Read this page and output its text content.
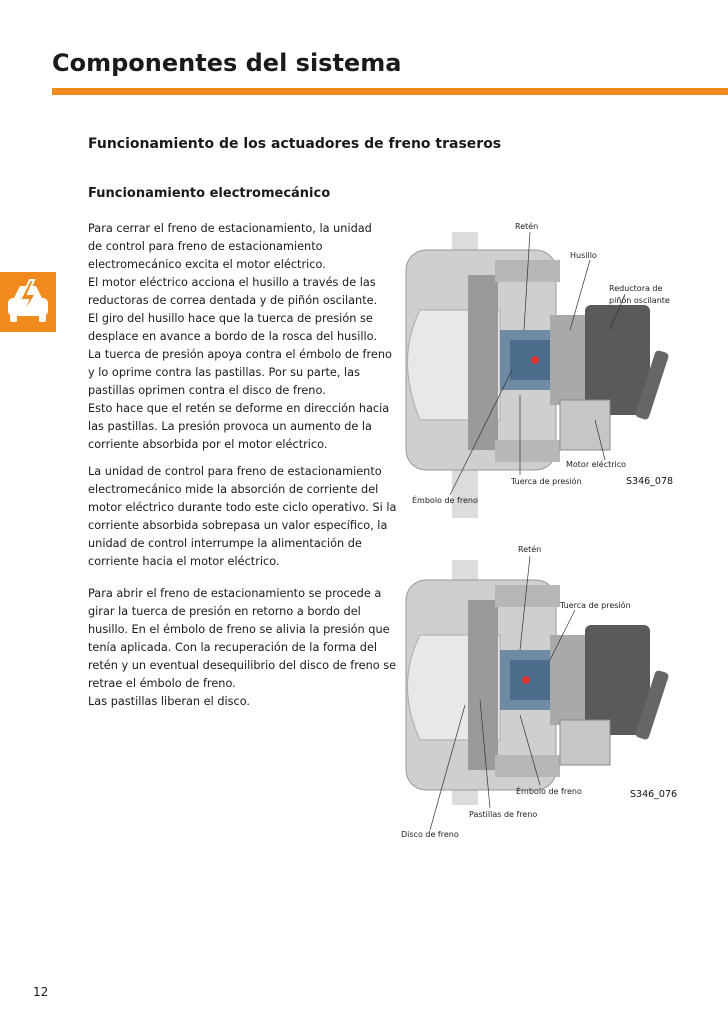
Componentes del sistema
Funcionamiento de los actuadores de freno traseros
Funcionamiento electromecánico
Para cerrar el freno de estacionamiento, la unidad
de control para freno de estacionamiento
electromecánico excita el motor eléctrico.
El motor eléctrico acciona el husillo a través de las
reductoras de correa dentada y de piñón oscilante.
El giro del husillo hace que la tuerca de presión se
desplace en avance a bordo de la rosca del husillo.
La tuerca de presión apoya contra el émbolo de freno
y lo oprime contra las pastillas. Por su parte, las
pastillas oprimen contra el disco de freno.
Esto hace que el retén se deforme en dirección hacia
las pastillas. La presión provoca un aumento de la
corriente absorbida por el motor eléctrico.
La unidad de control para freno de estacionamiento
electromecánico mide la absorción de corriente del
motor eléctrico durante todo este ciclo operativo. Si la
corriente absorbida sobrepasa un valor específico, la
unidad de control interrumpe la alimentación de
corriente hacia el motor eléctrico.
Para abrir el freno de estacionamiento se procede a
girar la tuerca de presión en retorno a bordo del
husillo. En el émbolo de freno se alivia la presión que
tenía aplicada. Con la recuperación de la forma del
retén y un eventual desequilibrio del disco de freno se
retrae el émbolo de freno.
Las pastillas liberan el disco.
Retén
Husillo
Reductora de
piñón oscilante
Motor eléctrico
Tuerca de presión
Émbolo de freno
S346_078
Retén
Tuerca de presión
Émbolo de freno
Pastillas de freno
Disco de freno
S346_076
12
